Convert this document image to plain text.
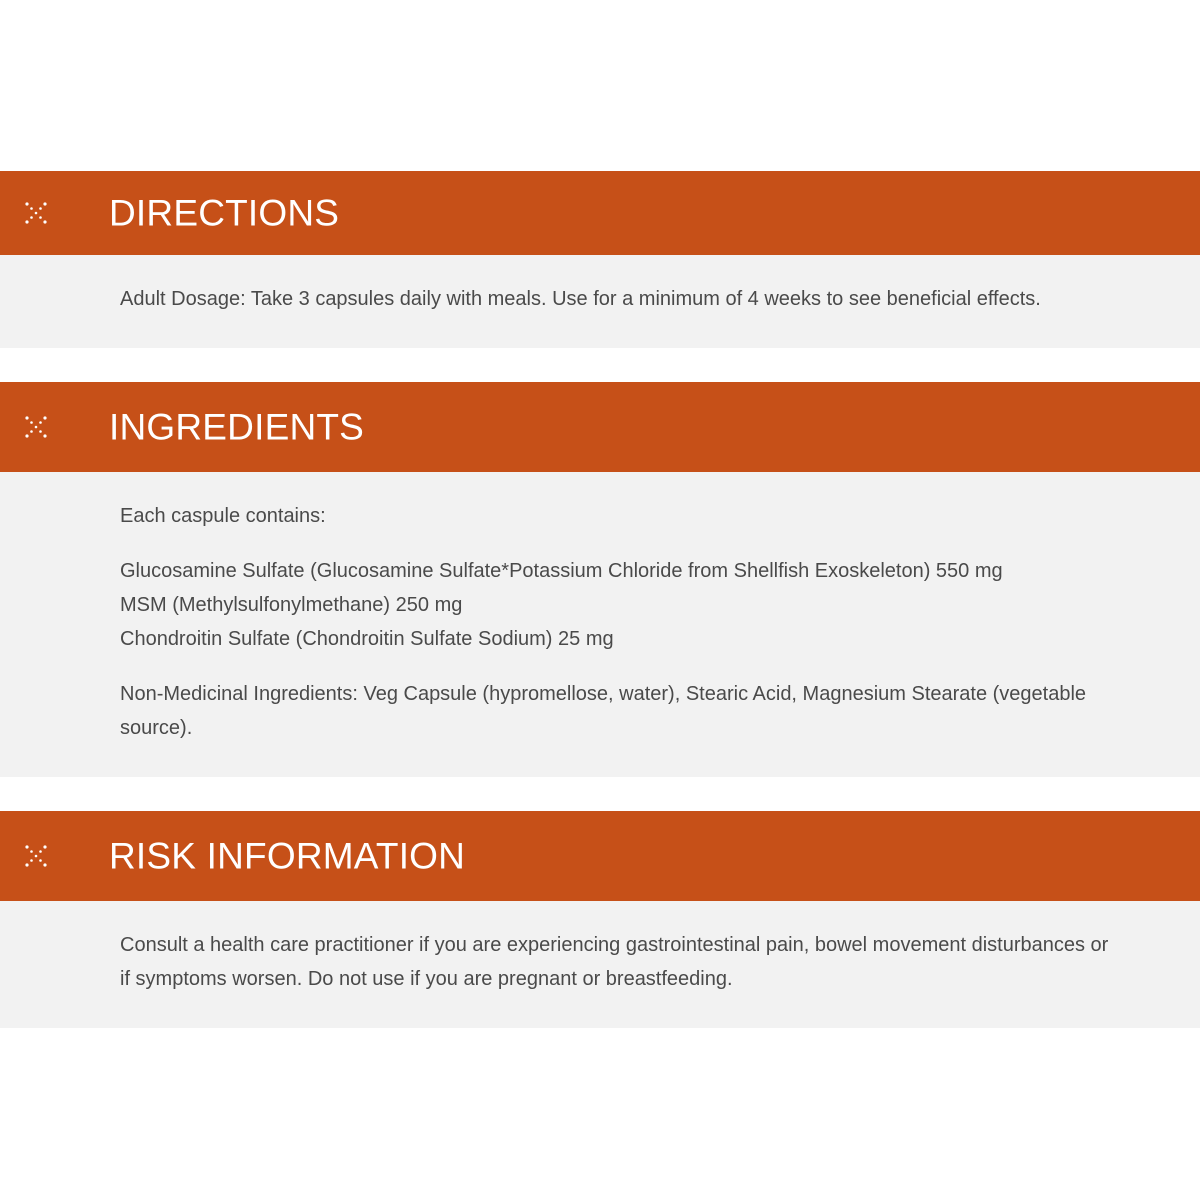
DIRECTIONS

Adult Dosage: Take 3 capsules daily with meals. Use for a minimum of 4 weeks to see beneficial effects.

INGREDIENTS

Each caspule contains:

Glucosamine Sulfate (Glucosamine Sulfate*Potassium Chloride from Shellfish Exoskeleton) 550 mg

MSM (Methylsulfonylmethane) 250 mg

Chondroitin Sulfate (Chondroitin Sulfate Sodium) 25 mg

Non-Medicinal Ingredients: Veg Capsule (hypromellose, water), Stearic Acid, Magnesium Stearate (vegetable source).

RISK INFORMATION

Consult a health care practitioner if you are experiencing gastrointestinal pain, bowel movement disturbances or if symptoms worsen. Do not use if you are pregnant or breastfeeding.
